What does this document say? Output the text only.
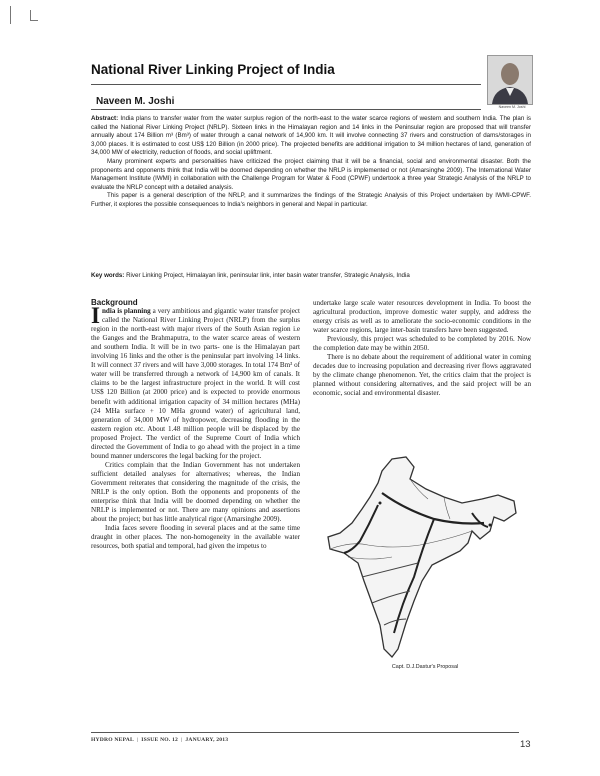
National River Linking Project of India
Naveen M. Joshi	Naveen M. Joshi

Abstract: India plans to transfer water from the water surplus region of the north-east to the water scarce regions of western and southern India. The plan is called the National River Linking Project (NRLP). Sixteen links in the Himalayan region and 14 links in the Peninsular region are proposed that will transfer annually about 174 Billion m³ (Bm³) of water through a canal network of 14,900 km. It will involve connecting 37 rivers and construction of dams/storages in 3,000 places. It is estimated to cost US$ 120 Billion (in 2000 price). The projected benefits are additional irrigation to 34 million hectares of land, generation of 34,000 MW of electricity, reduction of floods, and social upliftment.

Many prominent experts and personalities have criticized the project claiming that it will be a financial, social and environmental disaster. Both the proponents and opponents think that India will be doomed depending on whether the NRLP is implemented or not (Amarsinghe 2009). The International Water Management Institute (IWMI) in collaboration with the Challenge Program for Water & Food (CPWF) undertook a three year Strategic Analysis of the NRLP to evaluate the NRLP concept with a detailed analysis.

This paper is a general description of the NRLP, and it summarizes the findings of the Strategic Analysis of this Project undertaken by IWMI-CPWF. Further, it explores the possible consequences to India's neighbors in general and Nepal in particular.

Key words: River Linking Project, Himalayan link, peninsular link, inter basin water transfer, Strategic Analysis, India

Background

India is planning a very ambitious and gigantic water transfer project called the National River Linking Project (NRLP) from the surplus region in the north-east with major rivers of the South Asian region i.e the Ganges and the Brahmaputra, to the water scarce areas of western and southern India. It will be in two parts- one is the Himalayan part involving 16 links and the other is the peninsular part involving 14 links. It will connect 37 rivers and will have 3,000 storages. In total 174 Bm³ of water will be transferred through a network of 14,900 km of canals. It claims to be the largest infrastructure project in the world. It will cost US$ 120 Billion (at 2000 price) and is expected to provide enormous benefit with additional irrigation capacity of 34 million hectares (MHa) (24 MHa surface + 10 MHa ground water) of agricultural land, generation of 34,000 MW of hydropower, decreasing flooding in the eastern region etc. About 1.48 million people will be displaced by the proposed Project. The verdict of the Supreme Court of India which directed the Government of India to go ahead with the project in a time bound manner underscores the legal backing for the project.

Critics complain that the Indian Government has not undertaken sufficient detailed analyses for alternatives; whereas, the Indian Government reiterates that considering the magnitude of the crisis, the NRLP is the only option. Both the opponents and proponents of the enterprise think that India will be doomed depending on whether the NRLP is implemented or not. There are many opinions and assertions about the project; but has little analytical rigor (Amarsinghe 2009).

India faces severe flooding in several places and at the same time draught in other places. The non-homogeneity in the available water resources, both spatial and temporal, had given the impetus to

undertake large scale water resources development in India. To boost the agricultural production, improve domestic water supply, and address the energy crisis as well as to ameliorate the socio-economic conditions in the water scarce regions, large inter-basin transfers have been suggested.

Previously, this project was scheduled to be completed by 2016. Now the completion date may be within 2050.

There is no debate about the requirement of additional water in coming decades due to increasing population and decreasing river flows aggravated by the climate change phenomenon. Yet, the critics claim that the project is planned without considering alternatives, and the said project will be an economic, social and environmental disaster.

Capt. D.J.Dastur's Proposal
HYDRO NEPAL | ISSUE NO. 12 | JANUARY, 2013	13
